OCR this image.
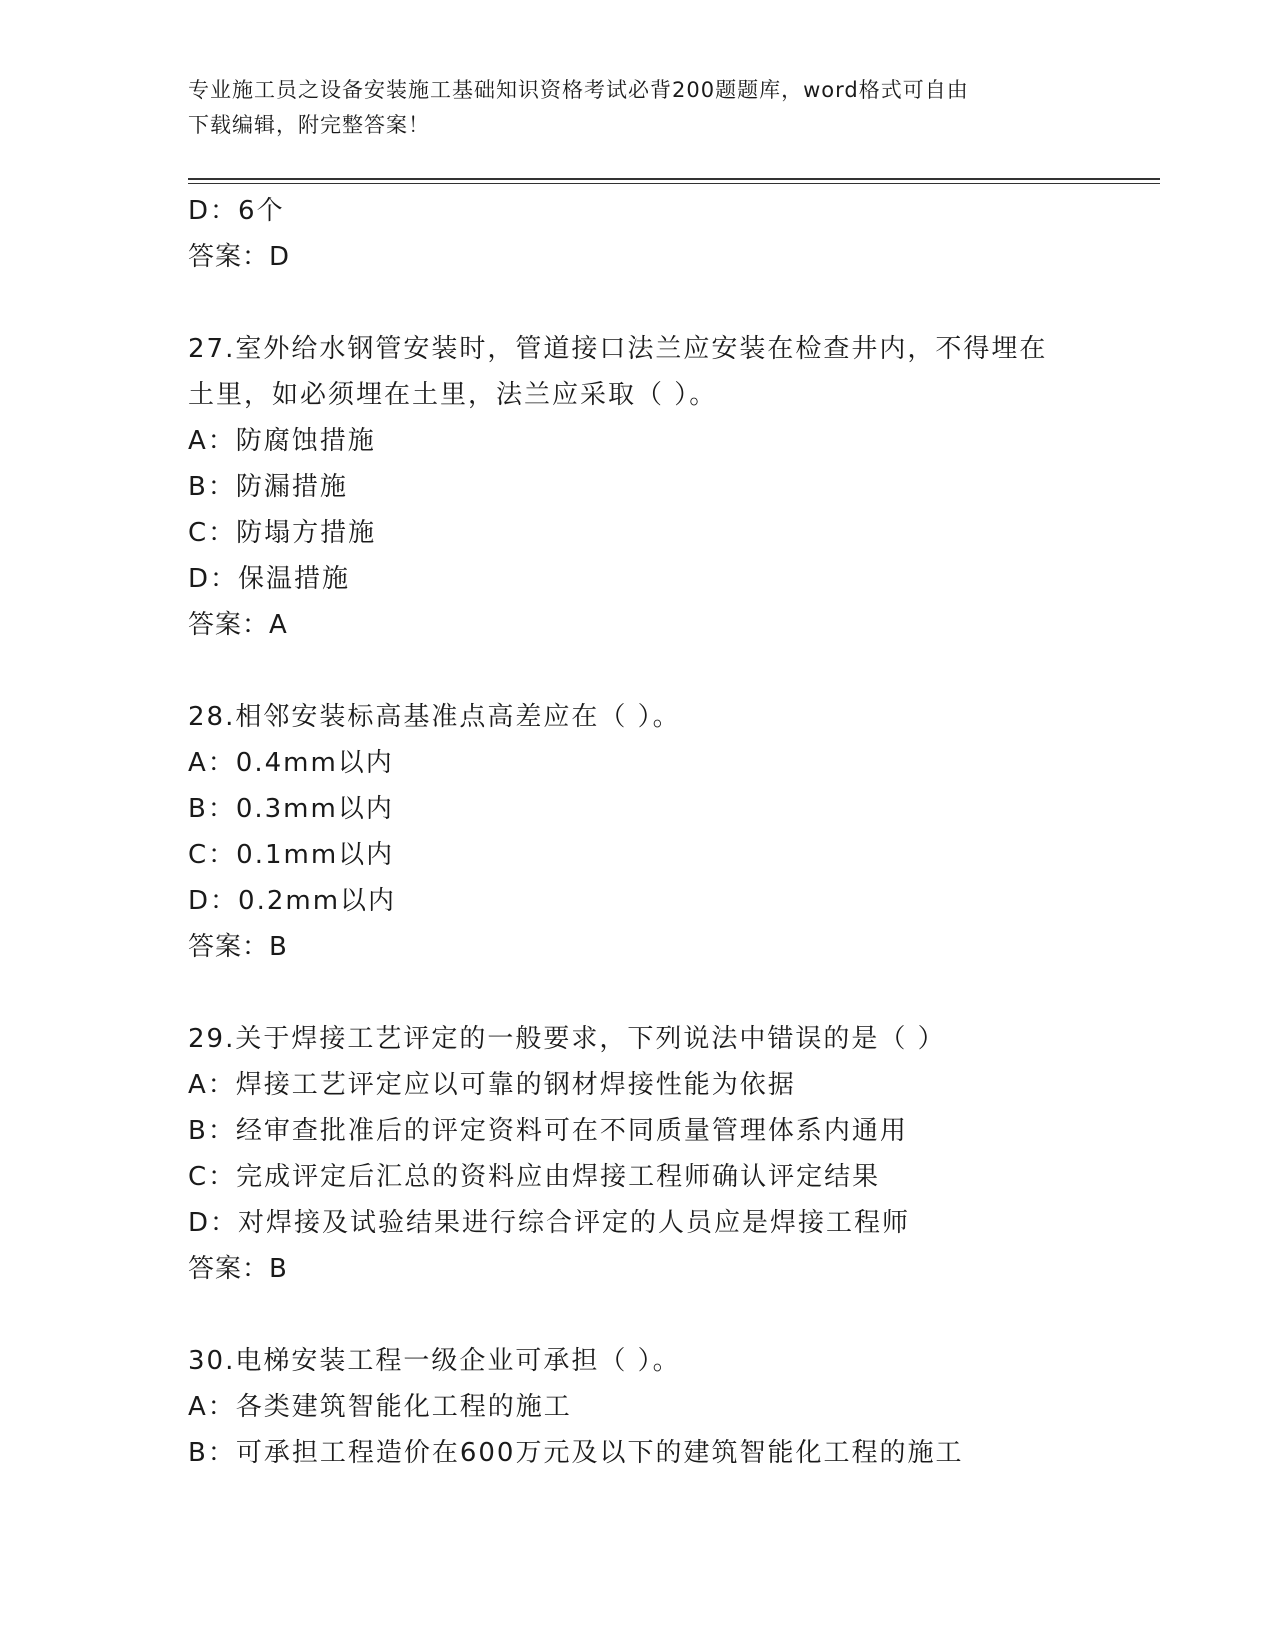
专业施工员之设备安装施工基础知识资格考试必背200题题库，word格式可自由
下载编辑，附完整答案！
D：6个
答案：D
27.室外给水钢管安装时，管道接口法兰应安装在检查井内，不得埋在
土里，如必须埋在土里，法兰应采取（ ）。
A：防腐蚀措施
B：防漏措施
C：防塌方措施
D：保温措施
答案：A
28.相邻安装标高基准点高差应在（ ）。
A：0.4mm以内
B：0.3mm以内
C：0.1mm以内
D：0.2mm以内
答案：B
29.关于焊接工艺评定的一般要求，下列说法中错误的是（ ）
A：焊接工艺评定应以可靠的钢材焊接性能为依据
B：经审查批准后的评定资料可在不同质量管理体系内通用
C：完成评定后汇总的资料应由焊接工程师确认评定结果
D：对焊接及试验结果进行综合评定的人员应是焊接工程师
答案：B
30.电梯安装工程一级企业可承担（ ）。
A：各类建筑智能化工程的施工
B：可承担工程造价在600万元及以下的建筑智能化工程的施工
